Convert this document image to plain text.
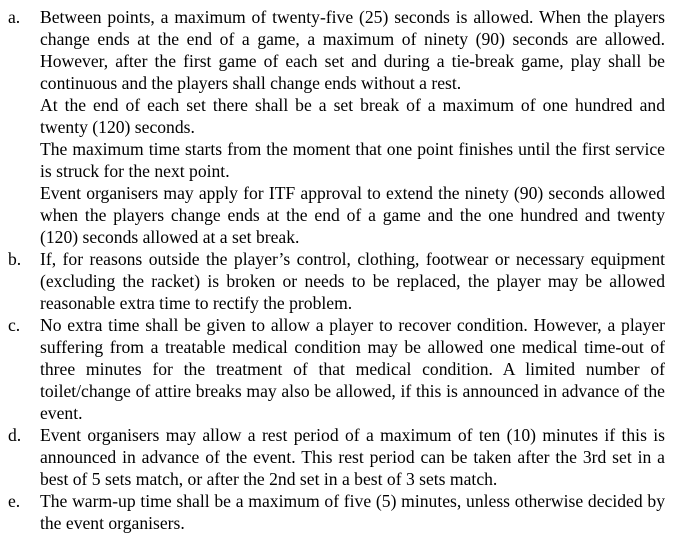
a.	Between points, a maximum of twenty-five (25) seconds is allowed. When the players change ends at the end of a game, a maximum of ninety (90) seconds are allowed. However, after the first game of each set and during a tie-break game, play shall be continuous and the players shall change ends without a rest.

At the end of each set there shall be a set break of a maximum of one hundred and twenty (120) seconds.

The maximum time starts from the moment that one point finishes until the first service is struck for the next point.

Event organisers may apply for ITF approval to extend the ninety (90) seconds allowed when the players change ends at the end of a game and the one hundred and twenty (120) seconds allowed at a set break.

b.	If, for reasons outside the player’s control, clothing, footwear or necessary equipment (excluding the racket) is broken or needs to be replaced, the player may be allowed reasonable extra time to rectify the problem.

c.	No extra time shall be given to allow a player to recover condition. However, a player suffering from a treatable medical condition may be allowed one medical time-out of three minutes for the treatment of that medical condition. A limited number of toilet/change of attire breaks may also be allowed, if this is announced in advance of the event.

d.	Event organisers may allow a rest period of a maximum of ten (10) minutes if this is announced in advance of the event. This rest period can be taken after the 3rd set in a best of 5 sets match, or after the 2nd set in a best of 3 sets match.

e.	The warm-up time shall be a maximum of five (5) minutes, unless otherwise decided by the event organisers.
